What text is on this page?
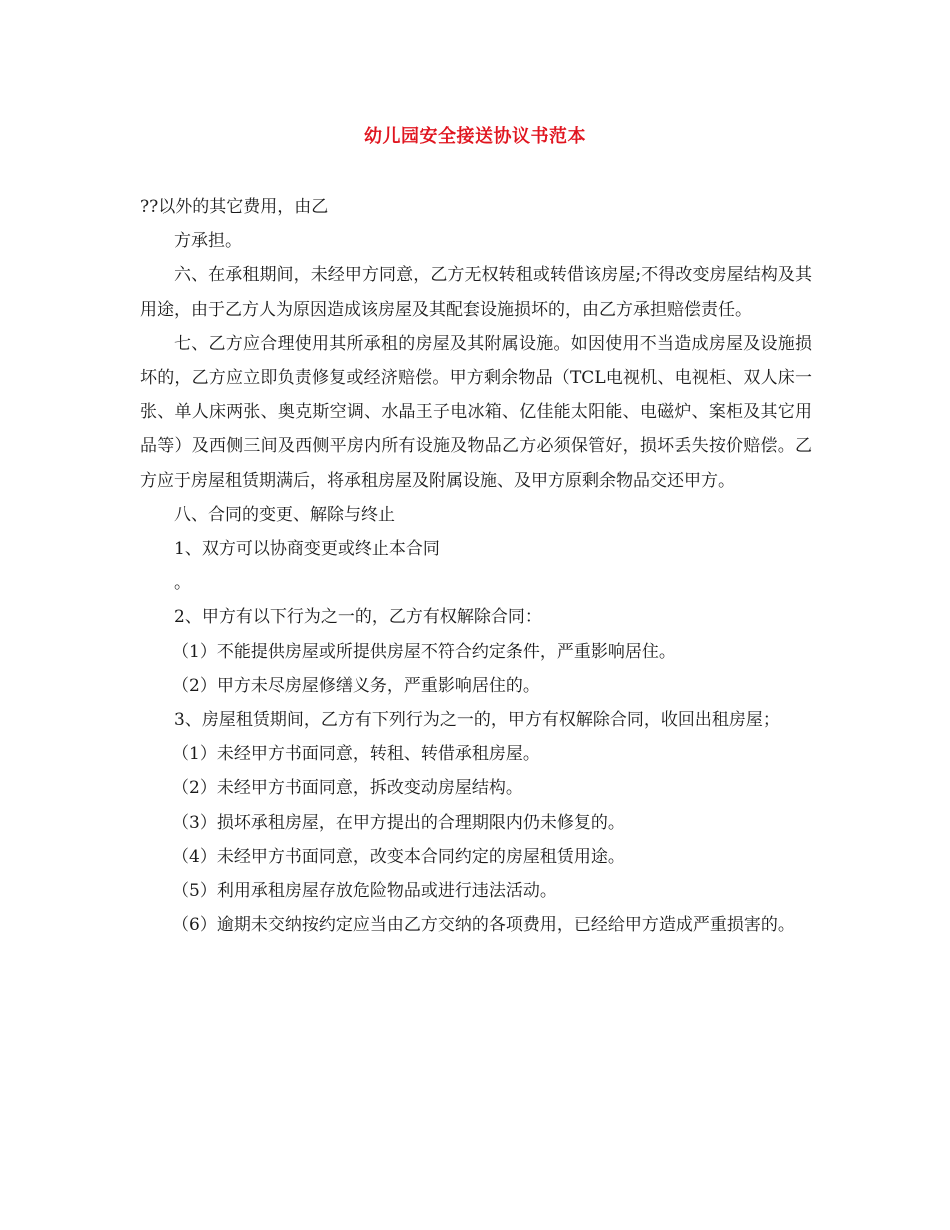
幼儿园安全接送协议书范本

??以外的其它费用，由乙

方承担。

六、在承租期间，未经甲方同意，乙方无权转租或转借该房屋;不得改变房屋结构及其用途，由于乙方人为原因造成该房屋及其配套设施损坏的，由乙方承担赔偿责任。

七、乙方应合理使用其所承租的房屋及其附属设施。如因使用不当造成房屋及设施损坏的，乙方应立即负责修复或经济赔偿。甲方剩余物品（TCL电视机、电视柜、双人床一张、单人床两张、奥克斯空调、水晶王子电冰箱、亿佳能太阳能、电磁炉、案柜及其它用品等）及西侧三间及西侧平房内所有设施及物品乙方必须保管好，损坏丢失按价赔偿。乙方应于房屋租赁期满后，将承租房屋及附属设施、及甲方原剩余物品交还甲方。

八、合同的变更、解除与终止

1、双方可以协商变更或终止本合同

。

2、甲方有以下行为之一的，乙方有权解除合同：

（1）不能提供房屋或所提供房屋不符合约定条件，严重影响居住。

（2）甲方未尽房屋修缮义务，严重影响居住的。

3、房屋租赁期间，乙方有下列行为之一的，甲方有权解除合同，收回出租房屋；

（1）未经甲方书面同意，转租、转借承租房屋。

（2）未经甲方书面同意，拆改变动房屋结构。

（3）损坏承租房屋，在甲方提出的合理期限内仍未修复的。

（4）未经甲方书面同意，改变本合同约定的房屋租赁用途。

（5）利用承租房屋存放危险物品或进行违法活动。

（6）逾期未交纳按约定应当由乙方交纳的各项费用，已经给甲方造成严重损害的。
